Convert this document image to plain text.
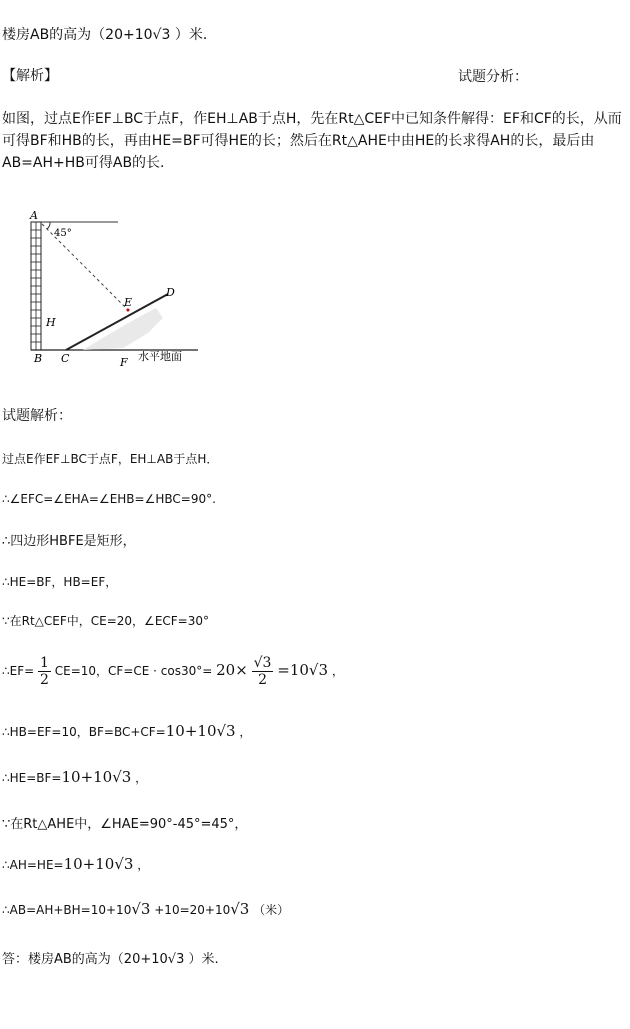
楼房AB的高为（20+10√3 ）米．
【解析】	试题分析：
如图，过点E作EF⊥BC于点F，作EH⊥AB于点H，先在Rt△CEF中已知条件解得：EF和CF的长，从而可得BF和HB的长，再由HE=BF可得HE的长；然后在Rt△AHE中由HE的长求得AH的长，最后由AB=AH+HB可得AB的长.
A
45°
D
E
H
B C	F 水平地面
试题解析：
过点E作EF⊥BC于点F，EH⊥AB于点H．
∴∠EFC=∠EHA=∠EHB=∠HBC=90°.
∴四边形HBFE是矩形，
∴HE=BF，HB=EF，
∵在Rt△CEF中，CE=20，∠ECF=30°
∴EF= $\frac{1}{2} CE=10$，$CF=CE \cdot \cos 30^\circ= 20\times \frac{√3}{2} =10√3$ ，
∴HB=EF=10，BF=BC+CF=10+10√3 ，
∴HE=BF=10+10√3 ，
∵在Rt△AHE中，∠HAE=90°-45°=45°，
∴AH=HE=10+10√3 ，
∴AB=AH+BH=10+10√3 +10=20+10√3 （米）
答：楼房AB的高为（20+10√3 ）米.
